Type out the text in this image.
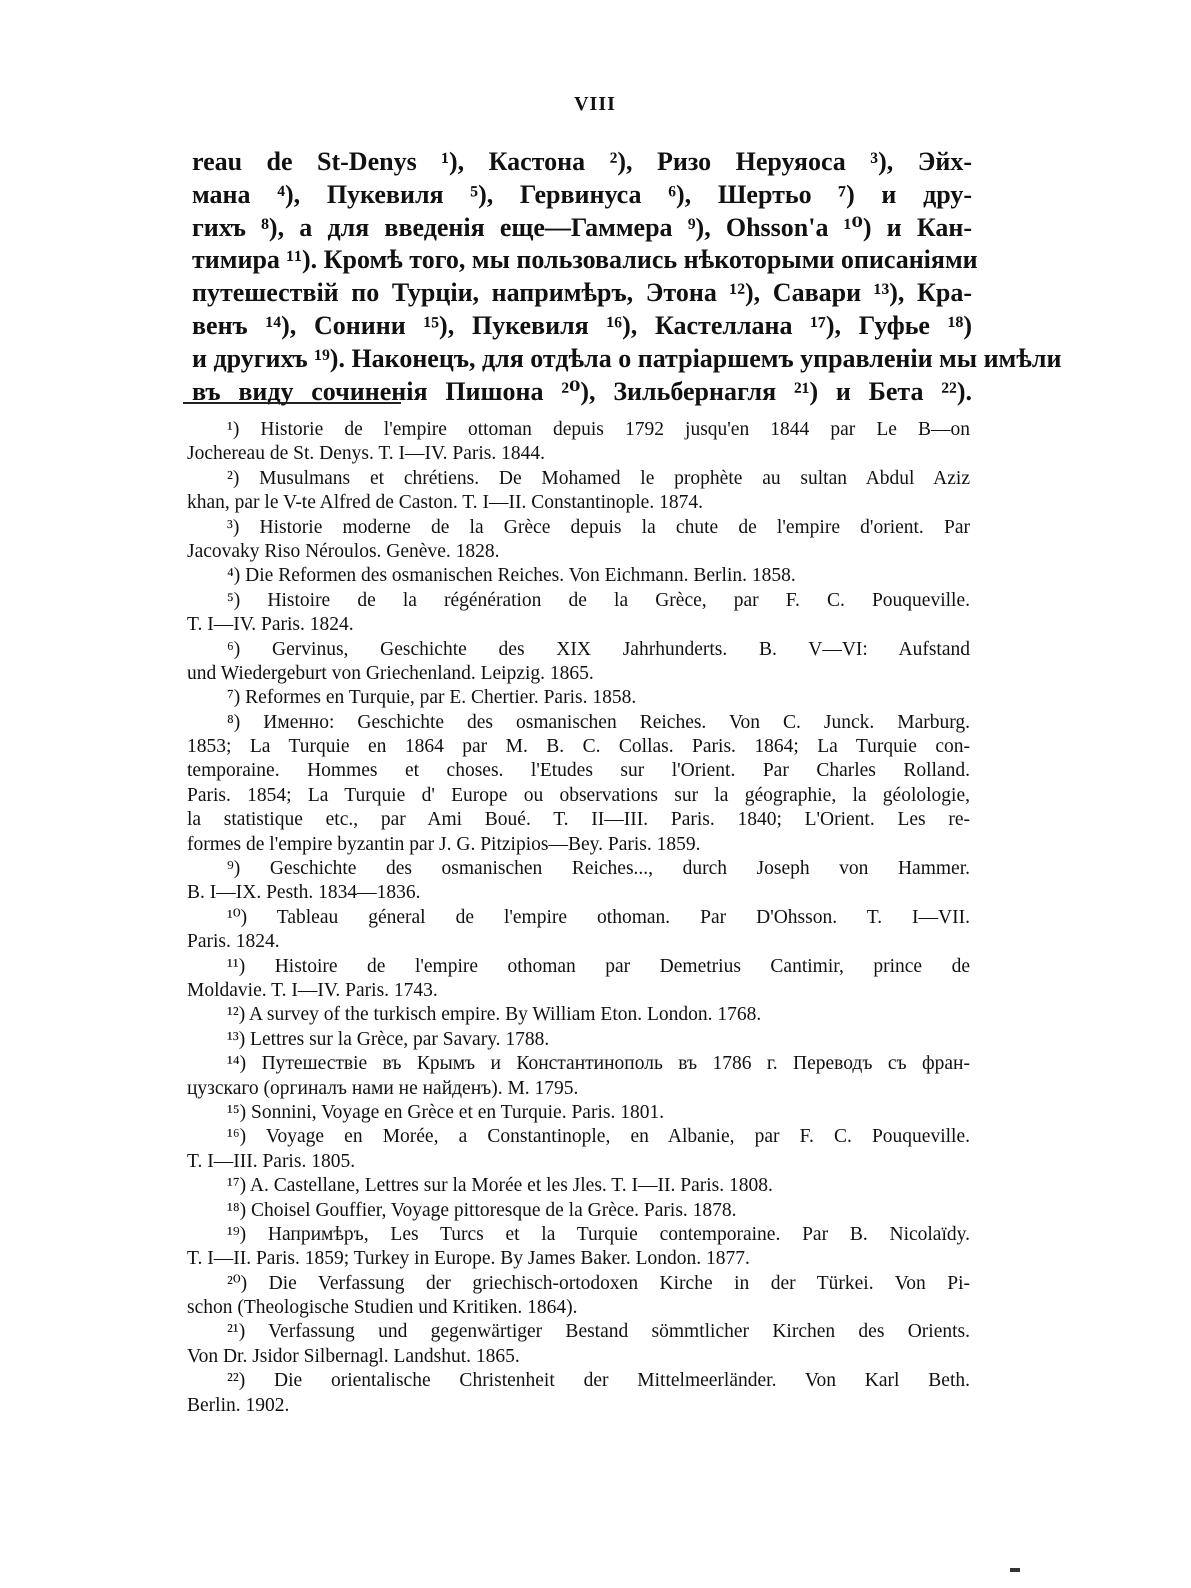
VIII
reau de St-Denys ¹), Кастона ²), Ризо Неруяоса ³), Эйх-
мана ⁴), Пукевиля ⁵), Гервинуса ⁶), Шертьо ⁷) и дру-
гихъ ⁸), а для введенія еще—Гаммера ⁹), Ohsson'a ¹⁰) и Кан-
тимира ¹¹). Кромѣ того, мы пользовались нѣкоторыми описаніями
путешествій по Турціи, напримѣръ, Этона ¹²), Савари ¹³), Кра-
венъ ¹⁴), Сонини ¹⁵), Пукевиля ¹⁶), Кастеллана ¹⁷), Гуфье ¹⁸)
и другихъ ¹⁹). Наконецъ, для отдѣла о патріаршемъ управленіи мы имѣли
въ виду сочиненія Пишона ²⁰), Зильбернагля ²¹) и Бета ²²).
¹) Historie de l'empire ottoman depuis 1792 jusqu'en 1844 par Le B—on
Jochereau de St. Denys. T. I—IV. Paris. 1844.
²) Musulmans et chrétiens. De Mohamed le prophète au sultan Abdul Aziz
khan, par le V-te Alfred de Caston. T. I—II. Constantinople. 1874.
³) Historie moderne de la Grèce depuis la chute de l'empire d'orient. Par
Jacovaky Riso Néroulos. Genève. 1828.
⁴) Die Reformen des osmanischen Reiches. Von Eichmann. Berlin. 1858.
⁵) Histoire de la régénération de la Grèce, par F. C. Pouqueville.
T. I—IV. Paris. 1824.
⁶) Gervinus, Geschichte des XIX Jahrhunderts. B. V—VI: Aufstand
und Wiedergeburt von Griechenland. Leipzig. 1865.
⁷) Reformes en Turquie, par E. Chertier. Paris. 1858.
⁸) Именно: Geschichte des osmanischen Reiches. Von C. Junck. Marburg.
1853; La Turquie en 1864 par M. B. C. Collas. Paris. 1864; La Turquie con-
temporaine. Hommes et choses. l'Etudes sur l'Orient. Par Charles Rolland.
Paris. 1854; La Turquie d' Europe ou observations sur la géographie, la géolologie,
la statistique etc., par Ami Boué. T. II—III. Paris. 1840; L'Orient. Les re-
formes de l'empire byzantin par J. G. Pitzipios—Bey. Paris. 1859.
⁹) Geschichte des osmanischen Reiches..., durch Joseph von Hammer.
B. I—IX. Pesth. 1834—1836.
¹⁰) Tableau géneral de l'empire othoman. Par D'Ohsson. T. I—VII.
Paris. 1824.
¹¹) Histoire de l'empire othoman par Demetrius Cantimir, prince de
Moldavie. T. I—IV. Paris. 1743.
¹²) A survey of the turkisch empire. By William Eton. London. 1768.
¹³) Lettres sur la Grèce, par Savary. 1788.
¹⁴) Путешествіе въ Крымъ и Константинополь въ 1786 г. Переводъ съ фран-
цузскаго (оргиналъ нами не найденъ). М. 1795.
¹⁵) Sonnini, Voyage en Grèce et en Turquie. Paris. 1801.
¹⁶) Voyage en Morée, a Constantinople, en Albanie, par F. C. Pouqueville.
T. I—III. Paris. 1805.
¹⁷) A. Castellane, Lettres sur la Morée et les Jles. T. I—II. Paris. 1808.
¹⁸) Choisel Gouffier, Voyage pittoresque de la Grèce. Paris. 1878.
¹⁹) Напримѣръ, Les Turcs et la Turquie contemporaine. Par B. Nicolaïdy.
T. I—II. Paris. 1859; Turkey in Europe. By James Baker. London. 1877.
²⁰) Die Verfassung der griechisch-ortodoxen Kirche in der Türkei. Von Pi-
schon (Theologische Studien und Kritiken. 1864).
²¹) Verfassung und gegenwärtiger Bestand sömmtlicher Kirchen des Orients.
Von Dr. Jsidor Silbernagl. Landshut. 1865.
²²) Die orientalische Christenheit der Mittelmeerländer. Von Karl Beth.
Berlin. 1902.
